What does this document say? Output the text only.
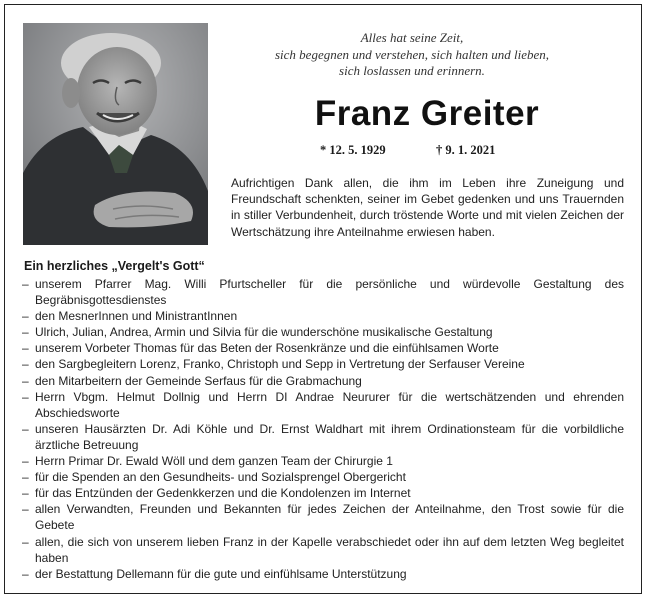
Alles hat seine Zeit,
sich begegnen und verstehen, sich halten und lieben,
sich loslassen und erinnern.
Franz Greiter
* 12. 5. 1929	† 9. 1. 2021
Aufrichtigen Dank allen, die ihm im Leben ihre Zuneigung und Freundschaft schenkten, seiner im Gebet gedenken und uns Trauernden in stiller Verbundenheit, durch tröstende Worte und mit vielen Zeichen der Wertschätzung ihre Anteilnahme erwiesen haben.
Ein herzliches „Vergelt's Gott“
– unserem Pfarrer Mag. Willi Pfurtscheller für die persönliche und würdevolle Gestaltung des Begräbnisgottesdienstes
– den MesnerInnen und MinistrantInnen
– Ulrich, Julian, Andrea, Armin und Silvia für die wunderschöne musikalische Gestaltung
– unserem Vorbeter Thomas für das Beten der Rosenkränze und die einfühlsamen Worte
– den Sargbegleitern Lorenz, Franko, Christoph und Sepp in Vertretung der Serfauser Vereine
– den Mitarbeitern der Gemeinde Serfaus für die Grabmachung
– Herrn Vbgm. Helmut Dollnig und Herrn DI Andrae Neururer für die wertschätzenden und ehrenden Abschiedsworte
– unseren Hausärzten Dr. Adi Köhle und Dr. Ernst Waldhart mit ihrem Ordinationsteam für die vorbildliche ärztliche Betreuung
– Herrn Primar Dr. Ewald Wöll und dem ganzen Team der Chirurgie 1
– für die Spenden an den Gesundheits- und Sozialsprengel Obergericht
– für das Entzünden der Gedenkkerzen und die Kondolenzen im Internet
– allen Verwandten, Freunden und Bekannten für jedes Zeichen der Anteilnahme, den Trost sowie für die Gebete
– allen, die sich von unserem lieben Franz in der Kapelle verabschiedet oder ihn auf dem letzten Weg begleitet haben
– der Bestattung Dellemann für die gute und einfühlsame Unterstützung
